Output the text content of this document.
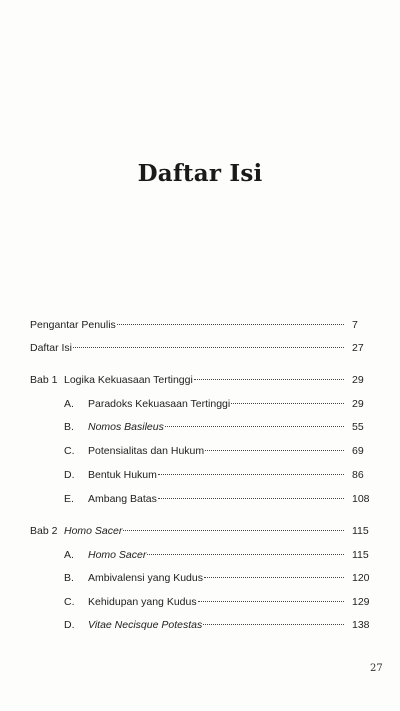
Daftar Isi
Pengantar Penulis	7
Daftar Isi	27
Bab 1 Logika Kekuasaan Tertinggi	29
A. Paradoks Kekuasaan Tertinggi	29
B. Nomos Basileus	55
C. Potensialitas dan Hukum	69
D. Bentuk Hukum	86
E. Ambang Batas	108
Bab 2 Homo Sacer	115
A. Homo Sacer	115
B. Ambivalensi yang Kudus	120
C. Kehidupan yang Kudus	129
D. Vitae Necisque Potestas	138
27
